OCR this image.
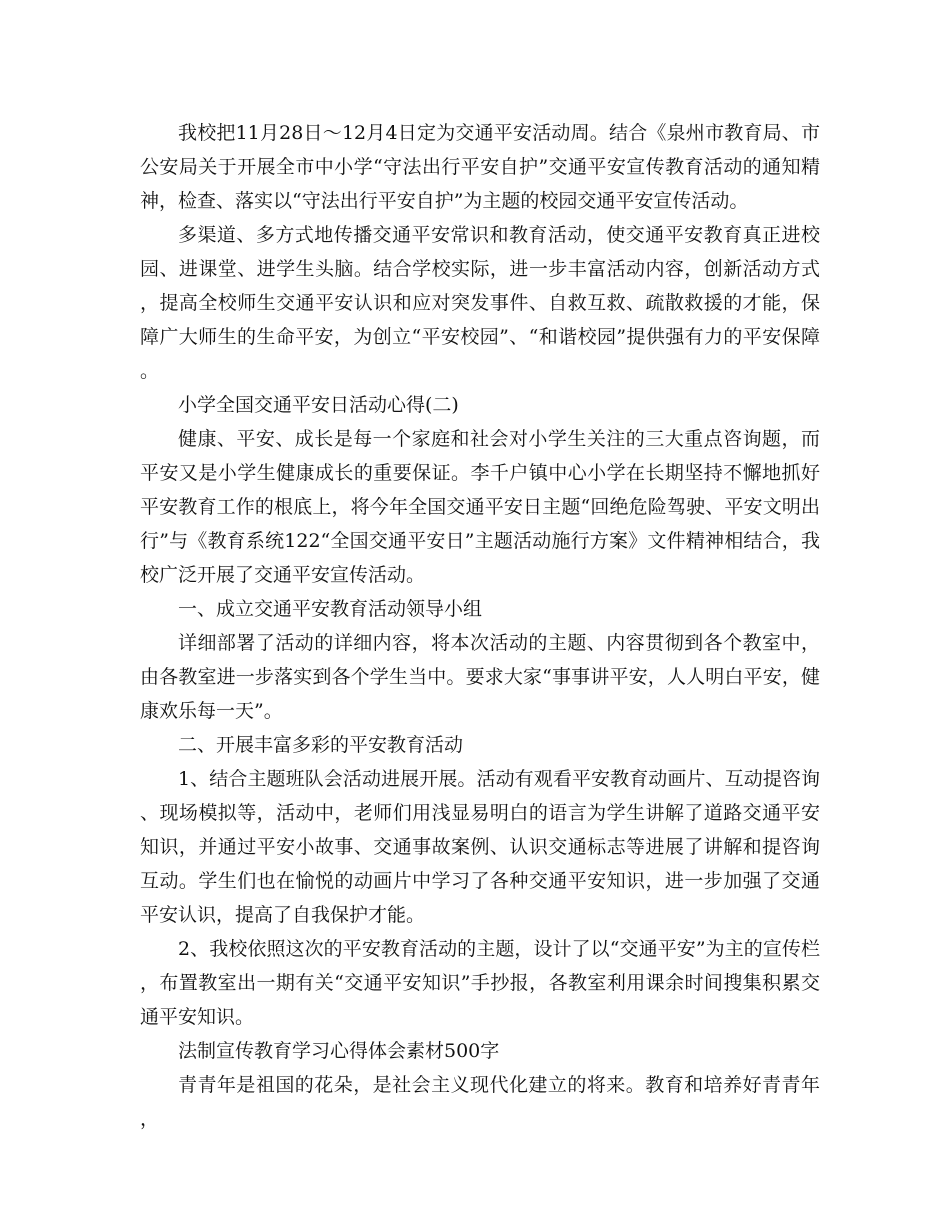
我校把11月28日～12月4日定为交通平安活动周。结合《泉州市教育局、市公安局关于开展全市中小学“守法出行平安自护”交通平安宣传教育活动的通知精神，检查、落实以“守法出行平安自护”为主题的校园交通平安宣传活动。

多渠道、多方式地传播交通平安常识和教育活动，使交通平安教育真正进校园、进课堂、进学生头脑。结合学校实际，进一步丰富活动内容，创新活动方式，提高全校师生交通平安认识和应对突发事件、自救互救、疏散救援的才能，保障广大师生的生命平安，为创立“平安校园”、“和谐校园”提供强有力的平安保障。

小学全国交通平安日活动心得(二)

健康、平安、成长是每一个家庭和社会对小学生关注的三大重点咨询题，而平安又是小学生健康成长的重要保证。李千户镇中心小学在长期坚持不懈地抓好平安教育工作的根底上，将今年全国交通平安日主题“回绝危险驾驶、平安文明出行”与《教育系统122“全国交通平安日”主题活动施行方案》文件精神相结合，我校广泛开展了交通平安宣传活动。

一、成立交通平安教育活动领导小组

详细部署了活动的详细内容，将本次活动的主题、内容贯彻到各个教室中，由各教室进一步落实到各个学生当中。要求大家“事事讲平安，人人明白平安，健康欢乐每一天”。

二、开展丰富多彩的平安教育活动

1、结合主题班队会活动进展开展。活动有观看平安教育动画片、互动提咨询、现场模拟等，活动中，老师们用浅显易明白的语言为学生讲解了道路交通平安知识，并通过平安小故事、交通事故案例、认识交通标志等进展了讲解和提咨询互动。学生们也在愉悦的动画片中学习了各种交通平安知识，进一步加强了交通平安认识，提高了自我保护才能。

2、我校依照这次的平安教育活动的主题，设计了以“交通平安”为主的宣传栏，布置教室出一期有关“交通平安知识”手抄报，各教室利用课余时间搜集积累交通平安知识。

法制宣传教育学习心得体会素材500字

青青年是祖国的花朵，是社会主义现代化建立的将来。教育和培养好青青年，
